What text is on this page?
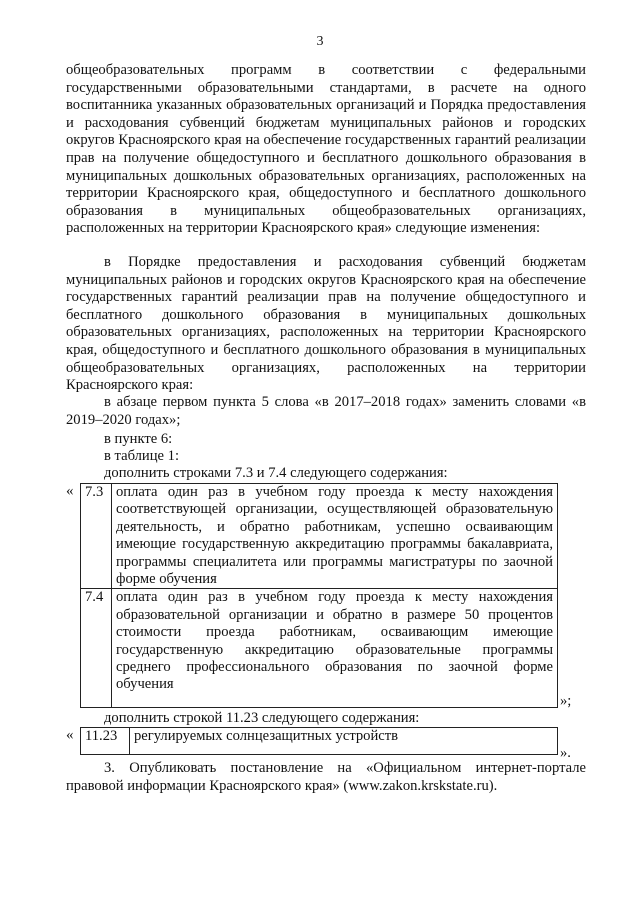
3

общеобразовательных программ в соответствии с федеральными государственными образовательными стандартами, в расчете на одного воспитанника указанных образовательных организаций и Порядка предоставления и расходования субвенций бюджетам муниципальных районов и городских округов Красноярского края на обеспечение государственных гарантий реализации прав на получение общедоступного и бесплатного дошкольного образования в муниципальных дошкольных образовательных организациях, расположенных на территории Красноярского края, общедоступного и бесплатного дошкольного образования в муниципальных общеобразовательных организациях, расположенных на территории Красноярского края» следующие изменения:

в Порядке предоставления и расходования субвенций бюджетам муниципальных районов и городских округов Красноярского края на обеспечение государственных гарантий реализации прав на получение общедоступного и бесплатного дошкольного образования в муниципальных дошкольных образовательных организациях, расположенных на территории Красноярского края, общедоступного и бесплатного дошкольного образования в муниципальных общеобразовательных организациях, расположенных на территории Красноярского края:

в абзаце первом пункта 5 слова «в 2017–2018 годах» заменить словами «в 2019–2020 годах»;

в пункте 6:

в таблице 1:

дополнить строками 7.3 и 7.4 следующего содержания:

« 7.3	оплата один раз в учебном году проезда к месту нахождения соответствующей организации, осуществляющей образовательную деятельность, и обратно работникам, успешно осваивающим имеющие государственную аккредитацию программы бакалавриата, программы специалитета или программы магистратуры по заочной форме обучения
7.4	оплата один раз в учебном году проезда к месту нахождения образовательной организации и обратно в размере 50 процентов стоимости проезда работникам, осваивающим имеющие государственную аккредитацию образовательные программы среднего профессионального образования по заочной форме обучения
»;

дополнить строкой 11.23 следующего содержания:

« 11.23	регулируемых солнцезащитных устройств
».

3. Опубликовать постановление на «Официальном интернет-портале правовой информации Красноярского края» (www.zakon.krskstate.ru).
